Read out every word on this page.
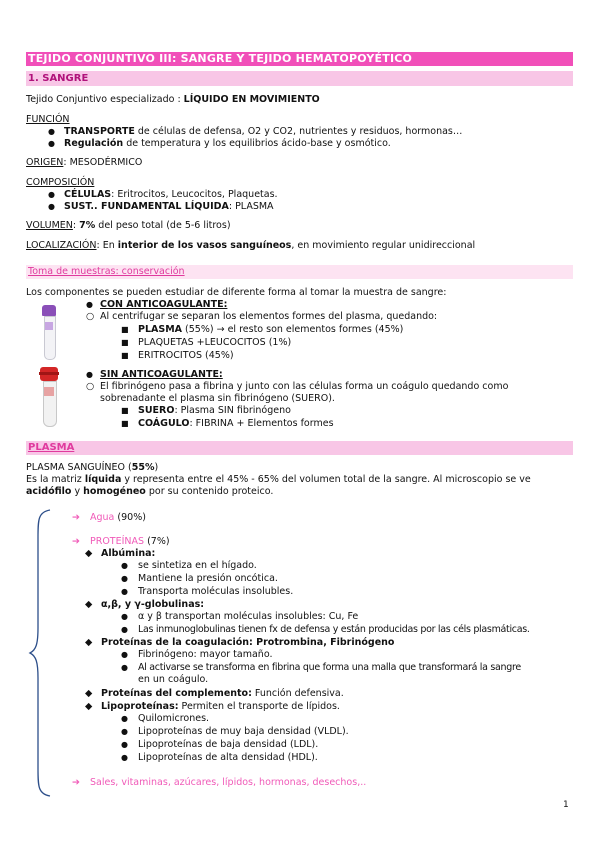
TEJIDO CONJUNTIVO III: SANGRE Y TEJIDO HEMATOPOYÉTICO
1. SANGRE
Tejido Conjuntivo especializado : LÍQUIDO EN MOVIMIENTO
FUNCIÓN
● TRANSPORTE de células de defensa, O2 y CO2, nutrientes y residuos, hormonas…
● Regulación de temperatura y los equilibrios ácido-base y osmótico.
ORIGEN: MESODÉRMICO
COMPOSICIÓN
● CÉLULAS: Eritrocitos, Leucocitos, Plaquetas.
● SUST.. FUNDAMENTAL LÍQUIDA: PLASMA
VOLUMEN: 7% del peso total (de 5-6 litros)
LOCALIZACIÓN: En interior de los vasos sanguíneos, en movimiento regular unidireccional
Toma de muestras: conservación
Los componentes se pueden estudiar de diferente forma al tomar la muestra de sangre:
● CON ANTICOAGULANTE:
○ Al centrifugar se separan los elementos formes del plasma, quedando:
■ PLASMA (55%) → el resto son elementos formes (45%)
■ PLAQUETAS +LEUCOCITOS (1%)
■ ERITROCITOS (45%)
● SIN ANTICOAGULANTE:
○ El fibrinógeno pasa a fibrina y junto con las células forma un coágulo quedando como
sobrenadante el plasma sin fibrinógeno (SUERO).
■ SUERO: Plasma SIN fibrinógeno
■ COÁGULO: FIBRINA + Elementos formes
PLASMA
PLASMA SANGUÍNEO (55%)
Es la matriz líquida y representa entre el 45% - 65% del volumen total de la sangre. Al microscopio se ve
acidófilo y homogéneo por su contenido proteico.
➔ Agua (90%)
➔ PROTEÍNAS (7%)
◆ Albúmina:
● se sintetiza en el hígado.
● Mantiene la presión oncótica.
● Transporta moléculas insolubles.
◆ α,β, y γ-globulinas:
● α y β transportan moléculas insolubles: Cu, Fe
● Las inmunoglobulinas tienen fx de defensa y están producidas por las céls plasmáticas.
◆ Proteínas de la coagulación: Protrombina, Fibrinógeno
● Fibrinógeno: mayor tamaño.
● Al activarse se transforma en fibrina que forma una malla que transformará la sangre
en un coágulo.
◆ Proteínas del complemento: Función defensiva.
◆ Lipoproteínas: Permiten el transporte de lípidos.
● Quilomicrones.
● Lipoproteínas de muy baja densidad (VLDL).
● Lipoproteínas de baja densidad (LDL).
● Lipoproteínas de alta densidad (HDL).
➔ Sales, vitaminas, azúcares, lípidos, hormonas, desechos,..
1
